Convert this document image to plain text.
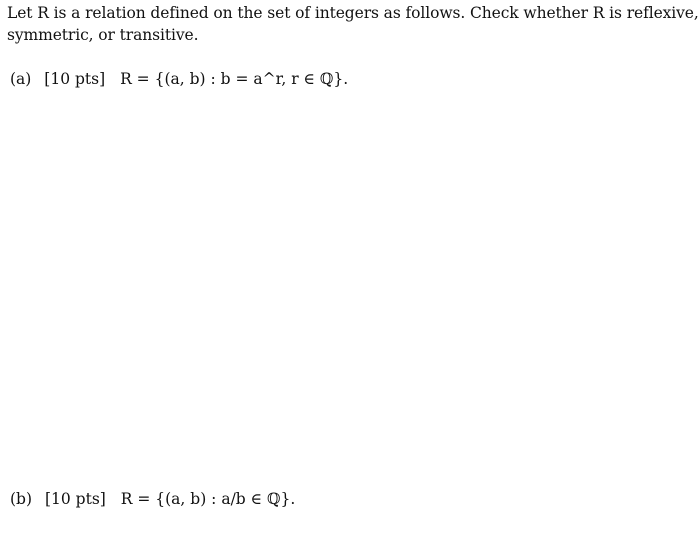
Let R is a relation defined on the set of integers as follows. Check whether R is reflexive,
symmetric, or transitive.
(a) [10 pts] R = {(a, b) : b = a^r, r ∈ ℚ}.
(b) [10 pts] R = {(a, b) : a/b ∈ ℚ}.
